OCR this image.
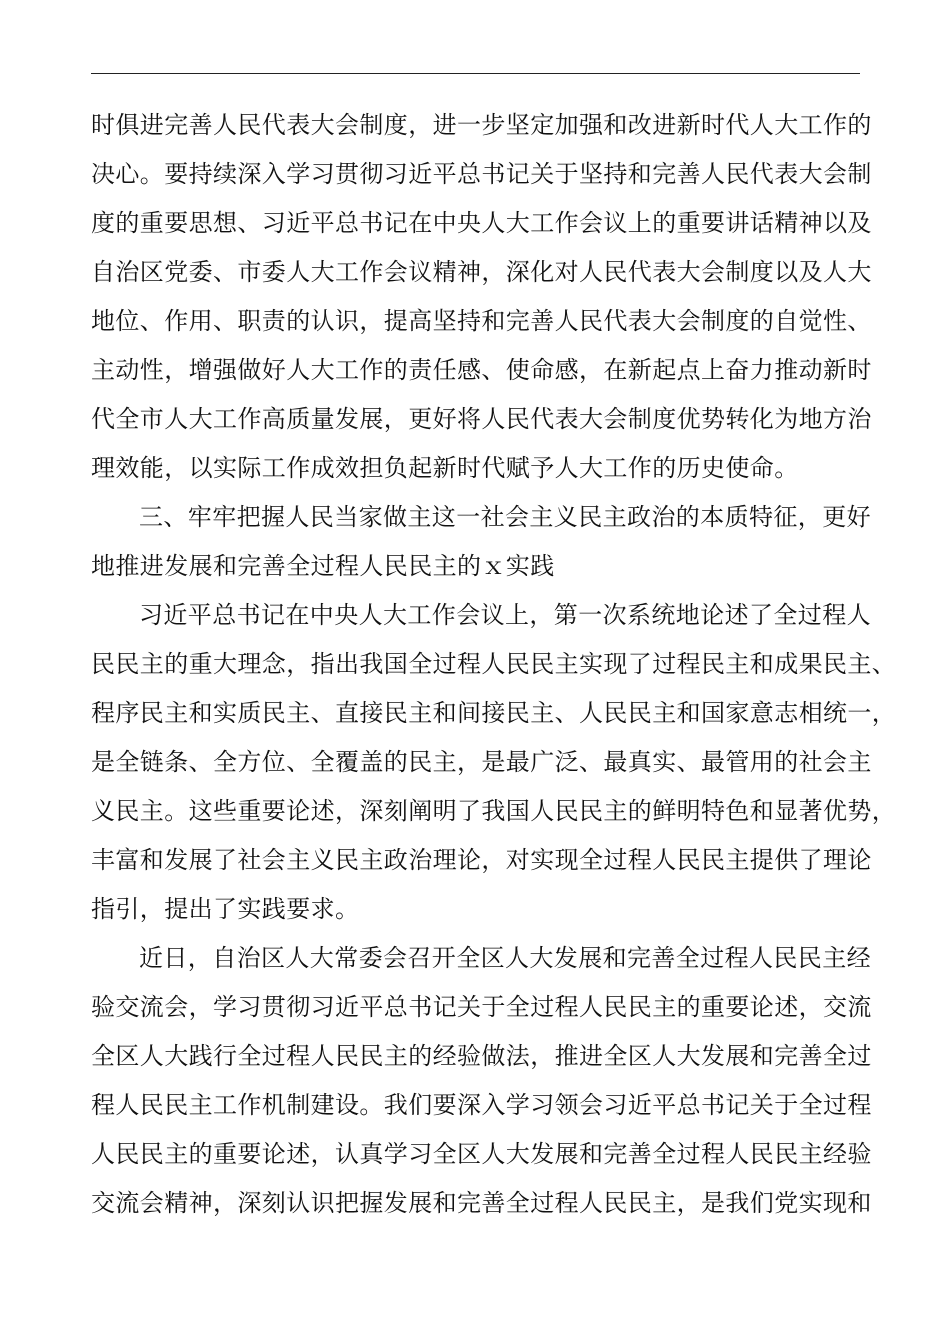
时俱进完善人民代表大会制度，进一步坚定加强和改进新时代人大工作的
决心。要持续深入学习贯彻习近平总书记关于坚持和完善人民代表大会制
度的重要思想、习近平总书记在中央人大工作会议上的重要讲话精神以及
自治区党委、市委人大工作会议精神，深化对人民代表大会制度以及人大
地位、作用、职责的认识，提高坚持和完善人民代表大会制度的自觉性、
主动性，增强做好人大工作的责任感、使命感，在新起点上奋力推动新时
代全市人大工作高质量发展，更好将人民代表大会制度优势转化为地方治
理效能，以实际工作成效担负起新时代赋予人大工作的历史使命。
三、牢牢把握人民当家做主这一社会主义民主政治的本质特征，更好
地推进发展和完善全过程人民民主的ｘ实践
习近平总书记在中央人大工作会议上，第一次系统地论述了全过程人
民民主的重大理念，指出我国全过程人民民主实现了过程民主和成果民主、
程序民主和实质民主、直接民主和间接民主、人民民主和国家意志相统一，
是全链条、全方位、全覆盖的民主，是最广泛、最真实、最管用的社会主
义民主。这些重要论述，深刻阐明了我国人民民主的鲜明特色和显著优势，
丰富和发展了社会主义民主政治理论，对实现全过程人民民主提供了理论
指引，提出了实践要求。
近日，自治区人大常委会召开全区人大发展和完善全过程人民民主经
验交流会，学习贯彻习近平总书记关于全过程人民民主的重要论述，交流
全区人大践行全过程人民民主的经验做法，推进全区人大发展和完善全过
程人民民主工作机制建设。我们要深入学习领会习近平总书记关于全过程
人民民主的重要论述，认真学习全区人大发展和完善全过程人民民主经验
交流会精神，深刻认识把握发展和完善全过程人民民主，是我们党实现和
